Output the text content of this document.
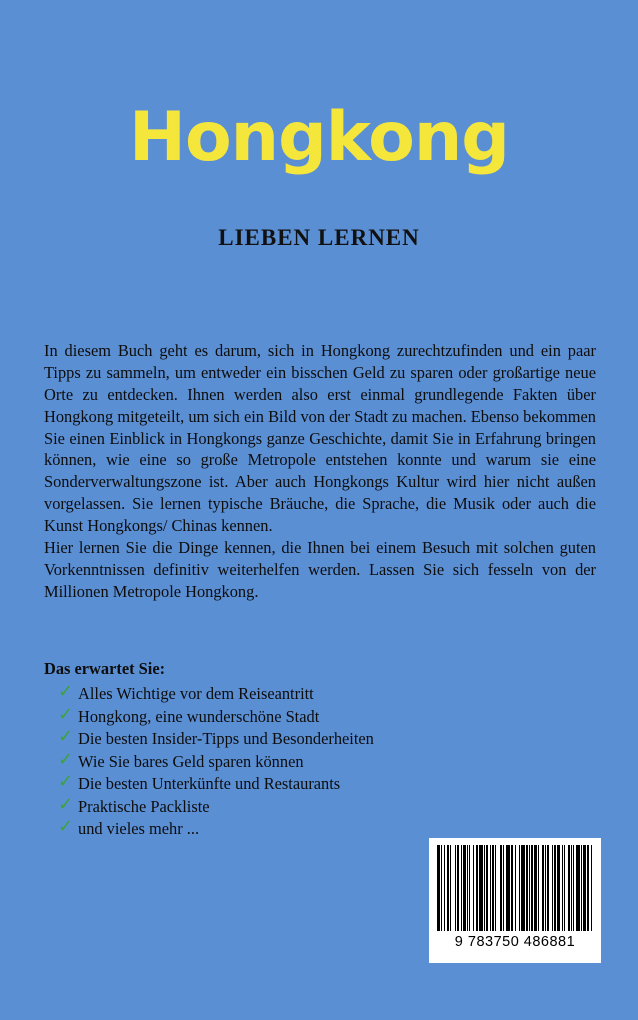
Hongkong
LIEBEN LERNEN

In diesem Buch geht es darum, sich in Hongkong zurechtzufinden und ein paar Tipps zu sammeln, um entweder ein bisschen Geld zu sparen oder großartige neue Orte zu entdecken. Ihnen werden also erst einmal grundlegende Fakten über Hongkong mitgeteilt, um sich ein Bild von der Stadt zu machen. Ebenso bekommen Sie einen Einblick in Hongkongs ganze Geschichte, damit Sie in Erfahrung bringen können, wie eine so große Metropole entstehen konnte und warum sie eine Sonderverwaltungszone ist. Aber auch Hongkongs Kultur wird hier nicht außen vorgelassen. Sie lernen typische Bräuche, die Sprache, die Musik oder auch die Kunst Hongkongs/ Chinas kennen.

Hier lernen Sie die Dinge kennen, die Ihnen bei einem Besuch mit solchen guten Vorkenntnissen definitiv weiterhelfen werden. Lassen Sie sich fesseln von der Millionen Metropole Hongkong.

Das erwartet Sie:
✓ Alles Wichtige vor dem Reiseantritt
✓ Hongkong, eine wunderschöne Stadt
✓ Die besten Insider-Tipps und Besonderheiten
✓ Wie Sie bares Geld sparen können
✓ Die besten Unterkünfte und Restaurants
✓ Praktische Packliste
✓ und vieles mehr ...
9 783750 486881
